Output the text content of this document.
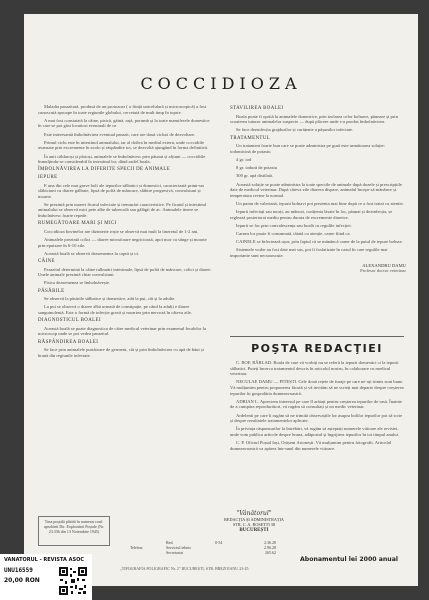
COCCIDIOZA

Maladia parazitară, produsă de un protozoar ( o ființă unicelulară și microscopică) a fost cunoscută aproape în toate regiunile globului, cercetată de mult timp în toprie.

A mai fost constatată la câine, pisică, găină, rață, porumb și la toate mamiferele domestice în care se pot găsi locuitori eventuali de ce.

Este interesantă îmbolnăvirea eventual parazit, care are două cicluri de dezvoltare.

Primul ciclu este în intestinul animalului, iar al doilea în mediul extern, unde coccidiile avansate prin excremente în acolo și răspândite tot, se dezvoltă ajungând în forma definitivă.

În anii călduroși și ploioși, animalele se îmbolnăvesc prin păunat și afțiuni — coccidiile înmulțindu-se considerabil în intestinul lor, dând astfel boala.

ÎMBOLNĂVIREA LA DIFERITE SPECII DE ANIMALE
IEPURE

E una din cele mai grave boli ale iepurilor sălbatici și domestici, caracterizată printr-un slăbiciuni cu diaree gălbuie, lipsă de poftă de mâncare, slăbire progresivă, convulsiuni și moarte.

Se prezintă prin mareri ficatul infectate și tremurări caracteristice. Pe ficatul și intestinul animalului se observă mici pete albe de tuberculă sau gâlăgii de ac. Animalele tinere se îmbolnăvesc foarte repede.

RUMEGĂTOARE MARI ȘI MICI

Coccidioza bovinelor are dizinterie roșie se observă mai mult la tineretul de 1-2 ani.

Animalele prezintă colici — diaree mirositoare negricioasă, apoi mor cu sânge și moarte prin epuizare în 6-10 zile.

Această boală se observă deasemenea la capră și oi.

CÂINE

Parazitul determină la câine tulburări intestinale, lipsă de poftă de mâncare, colici și diaree. Unele animale prezintă chiar convulsiuni.

Pisica deasemenea se îmbolnăvește.

PĂSĂRILE

Se observă la păsările sălbatice și domestice, atât la pui, cât și la adulte.

La pui se observă o diaree albă urmată de constipație, pe când la adulți e diaree sanguinolentă. Este o formă de infecție gravă și moartea prin nervoză în câteva zile.

DIAGNOSTICUL BOALEI

Această boală se poate diagnostica de către medicul veterinar prin examenul fecalelor la microscop unde se pot vedea parazitul.

RĂSPÂNDIREA BOALEI

Se face prin animalele purtătoare de germeni, cât și prin îmbolnăvirea cu apă de băut și hrană din regiunile infectate.

STAVILIREA BOALEI

Boala poate fi oprită la animalele domestice, prin izolarea celor bolnave, păunare și prin scoaterea tuturor animalelor suspecte — după plăcere unde s-a produs îmbolnăvirea.

Se face dezinfecția grajdurilor și curățenie a pășunilor infectate.

TRATAMENTUL

Un tratament foarte bun care se poate administra pe gură este următoarea soluție: iodomicină de potasiu

4 gr. iod

8 gr. iodură de potasiu

300 gr. apă distilată.

Această soluție se poate administra la toate speciile de animale după dozele și prescripțiile date de medicul veterinar. După câteva zile diareea dispare, animalul începe să mănânce și temperatura revine la normal.

Un pumn de valeriană, iepurii bolnavi pot prezenta mai bine după ce a fost tratat cu atentie.

Iepurii infectați sau morți, au mâncat, curățenia lăsate în loc, păunat și dezinfecția, se reglează posteriorat mediu pentru durata de excremente diareice.

Iepurii se fac prin convalescența sau boală cu regulile infecției.

Carnea lor poate fi consumată, tăiată cu atenție, carne fiind ca.

CAINELE se înfectează ușor, prin faptul că se mănâncă carne de la puiul de iepure bolnav.

Sistemele vorbe au fost date mai sus, pot fi fosfatizate în cazul în care regulile mai importante sunt necunoscute.

ALEXANDRU DAMU
Profesor doctor veterinar
POŞTA REDACŢIEI

C. ROF, BÂRLAD. Boala de care vă vorbiți nu se referă la iepurii domestici ci la iepurii sălbatici. Puteți încerca tratamentul descris în articolul nostru, în colaborare cu medicul veterinar.

NECULAE DAMU — PITEȘTI. Cele două rețete de furaje pe care ne-ați trimis sunt bune. Vă mulțumim pentru propunerea făcută și vă invităm să ne scrieți mai departe despre creșterea iepurilor în gospodăria dumneavoastră.

ADRIAN L. Apreciem interesul pe care îl arătați pentru creșterea iepurilor de rasă. Înainte de a cumpăra reproducători, vă rugăm să consultați și un medic veterinar.

Ardelenii pe care îi rugăm să ne trimită observațiile lor asupra bolilor iepurilor pot să scrie și despre rezultatele tratamentelor aplicate.

În privința răspunsurilor la întrebări, vă rugăm să așteptați numerele viitoare ale revistei, unde vom publica articole despre hrana, adăpostul și îngrijirea iepurilor în tot timpul anului.

C. P. Oficiul Poștal Iași, Orășeni Arionești. Vă mulțumim pentru fotografii. Articolul dumneavoastră va apărea într-unul din numerele viitoare.

Taxa poștală plătită în numerar conf. aprobării Dir. Exploatării Poștale (Nr. 23.336 din 13 Noiembrie 1945)
"Vânătorul"
REDACȚIA ȘI ADMINISTRAȚIA
STR. C. A. ROSETTI 38
BUCUREȘTI
Telefon:
Red.	0-54	2.36.28
Serviciul tehnic	2.96.28
Secretariat	265.62
Abonamentul lei 2000 anual
„TIPOGRAFIA POLIGRAFIC Nr. 2" BUCUREȘTI, STR. BREZOIANU 23-25
VANATORUL - REVISTA ASOC
UNU16559
20,00 RON
